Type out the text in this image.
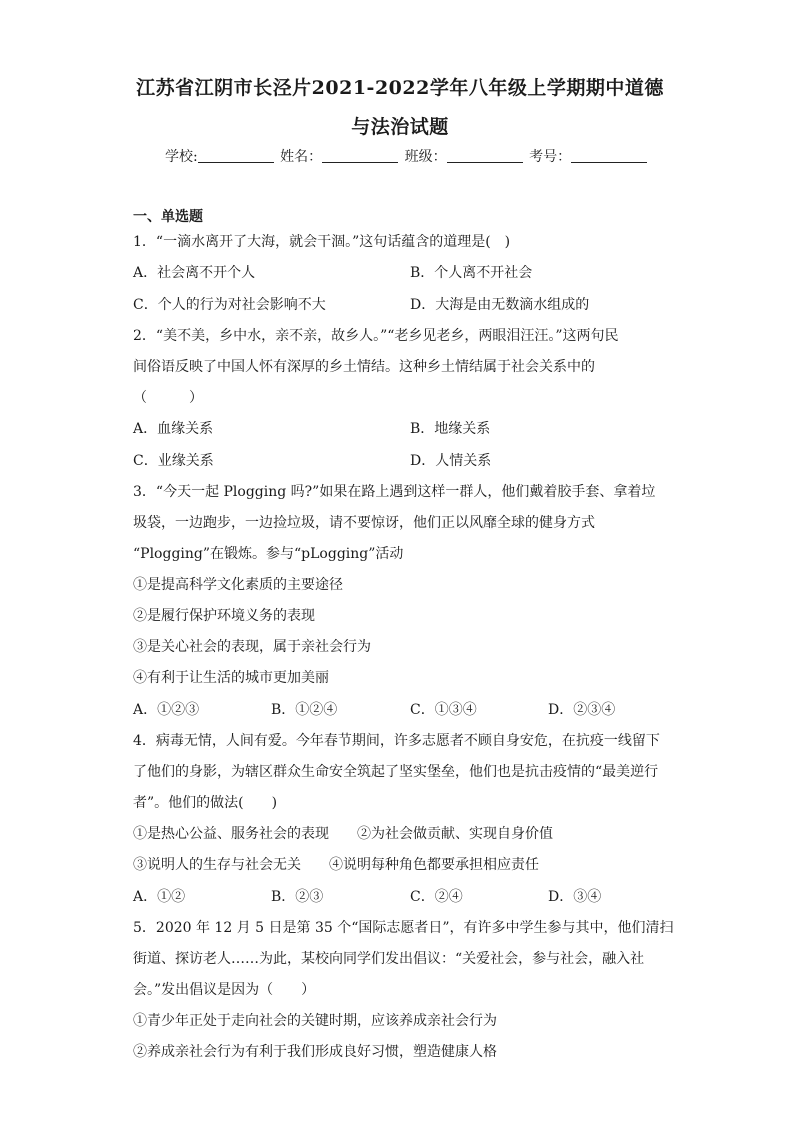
江苏省江阴市长泾片2021-2022学年八年级上学期期中道德
与法治试题
学校:	姓名：	班级：	考号：
一、单选题
1．“一滴水离开了大海，就会干涸。”这句话蕴含的道理是(　)
A．社会离不开个人	B．个人离不开社会
C．个人的行为对社会影响不大	D．大海是由无数滴水组成的
2．“美不美，乡中水，亲不亲，故乡人。”“老乡见老乡，两眼泪汪汪。”这两句民
间俗语反映了中国人怀有深厚的乡土情结。这种乡土情结属于社会关系中的
（　　　）
A．血缘关系	B．地缘关系
C．业缘关系	D．人情关系
3．“今天一起 Plogging 吗?”如果在路上遇到这样一群人，他们戴着胶手套、拿着垃
圾袋，一边跑步，一边捡垃圾，请不要惊讶，他们正以风靡全球的健身方式
“Plogging”在锻炼。参与“pLogging”活动
①是提高科学文化素质的主要途径
②是履行保护环境义务的表现
③是关心社会的表现，属于亲社会行为
④有利于让生活的城市更加美丽
A．①②③	B．①②④	C．①③④	D．②③④
4．病毒无情，人间有爱。今年春节期间，许多志愿者不顾自身安危，在抗疫一线留下
了他们的身影，为辖区群众生命安全筑起了坚实堡垒，他们也是抗击疫情的“最美逆行
者”。他们的做法(　　)
①是热心公益、服务社会的表现　　②为社会做贡献、实现自身价值
③说明人的生存与社会无关　　④说明每种角色都要承担相应责任
A．①②	B．②③	C．②④	D．③④
5．2020 年 12 月 5 日是第 35 个“国际志愿者日”，有许多中学生参与其中，他们清扫
街道、探访老人……为此，某校向同学们发出倡议：“关爱社会，参与社会，融入社
会。”发出倡议是因为（　　）
①青少年正处于走向社会的关键时期，应该养成亲社会行为
②养成亲社会行为有利于我们形成良好习惯，塑造健康人格
